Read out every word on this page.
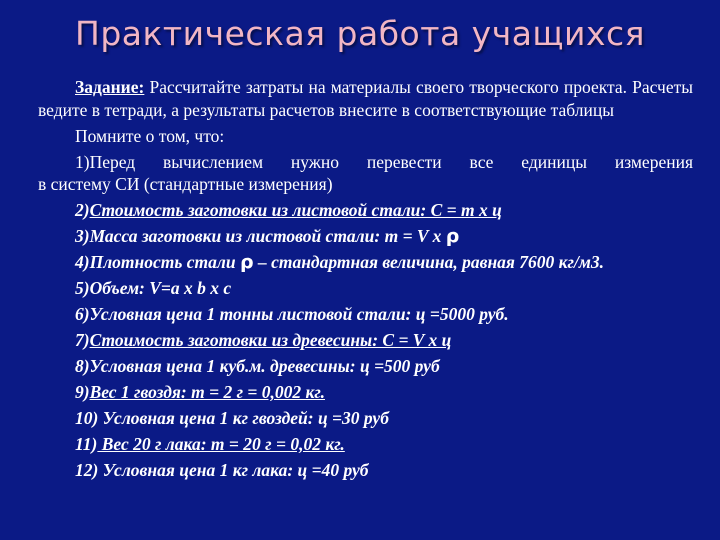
Практическая работа учащихся

Задание: Рассчитайте затраты на материалы своего творческого проекта. Расчеты ведите в тетради, а результаты расчетов внесите в соответствующие таблицы

Помните о том, что:

1)Перед вычислением нужно перевести все единицы измерения

в систему СИ (стандартные измерения)

2)Стоимость заготовки из листовой стали: С = m х ц

3)Масса заготовки из листовой стали: m = V х ρ

4)Плотность стали ρ – стандартная величина, равная 7600 кг/м3.

5)Объем: V=a x b x c

6)Условная цена 1 тонны листовой стали: ц =5000 руб.

7)Стоимость заготовки из древесины: С = V х ц

8)Условная цена 1 куб.м. древесины: ц =500 руб

9)Вес 1 гвоздя: m = 2 г = 0,002 кг.

10) Условная цена 1 кг гвоздей: ц =30 руб

11) Вес 20 г лака: m = 20 г = 0,02 кг.

12) Условная цена 1 кг лака: ц =40 руб
